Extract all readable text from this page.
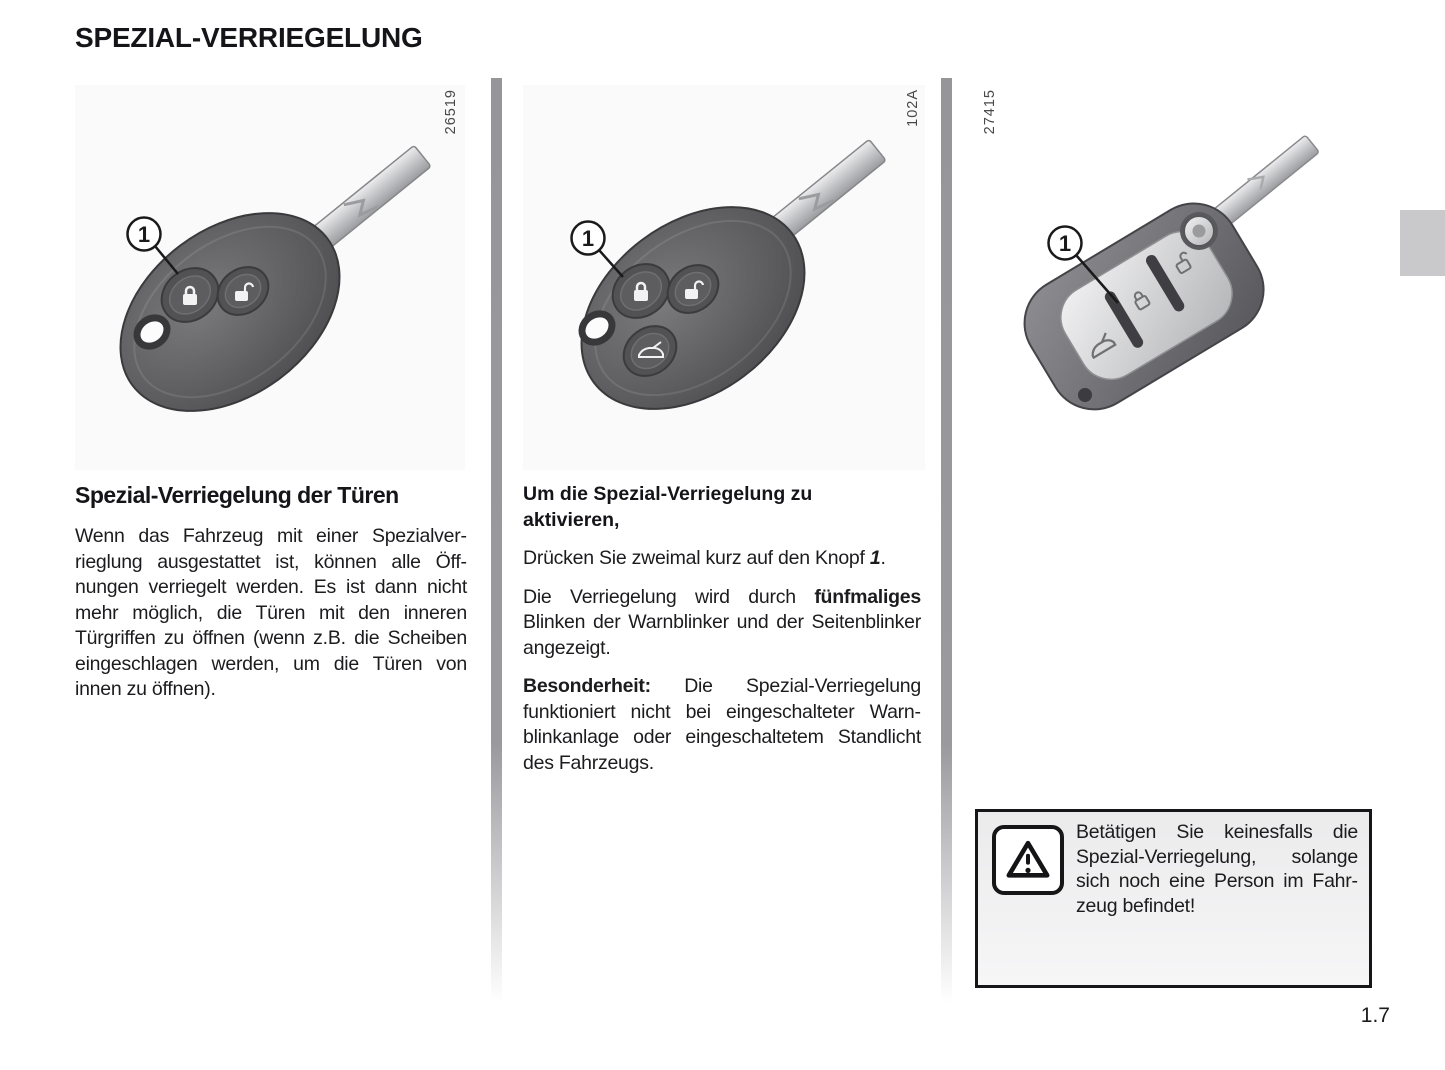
SPEZIAL-VERRIEGELUNG
1
26519
1
102A
1
27415
Spezial-Verriegelung der Türen

Wenn das Fahrzeug mit einer Spezialverrieglung ausgestattet ist, können alle Öffnungen verriegelt werden. Es ist dann nicht mehr möglich, die Türen mit den inneren Türgriffen zu öffnen (wenn z.B. die Scheiben eingeschlagen werden, um die Türen von innen zu öffnen).

Um die Spezial-Verriegelung zu aktivieren,

Drücken Sie zweimal kurz auf den Knopf 1.

Die Verriegelung wird durch fünfmaliges Blinken der Warnblinker und der Seitenblinker angezeigt.

Besonderheit: Die Spezial-Verriegelung funktioniert nicht bei eingeschalteter Warnblinkanlage oder eingeschaltetem Standlicht des Fahrzeugs.

Betätigen Sie keinesfalls die Spezial-Verriegelung, solange sich noch eine Person im Fahrzeug befindet!

1.7
